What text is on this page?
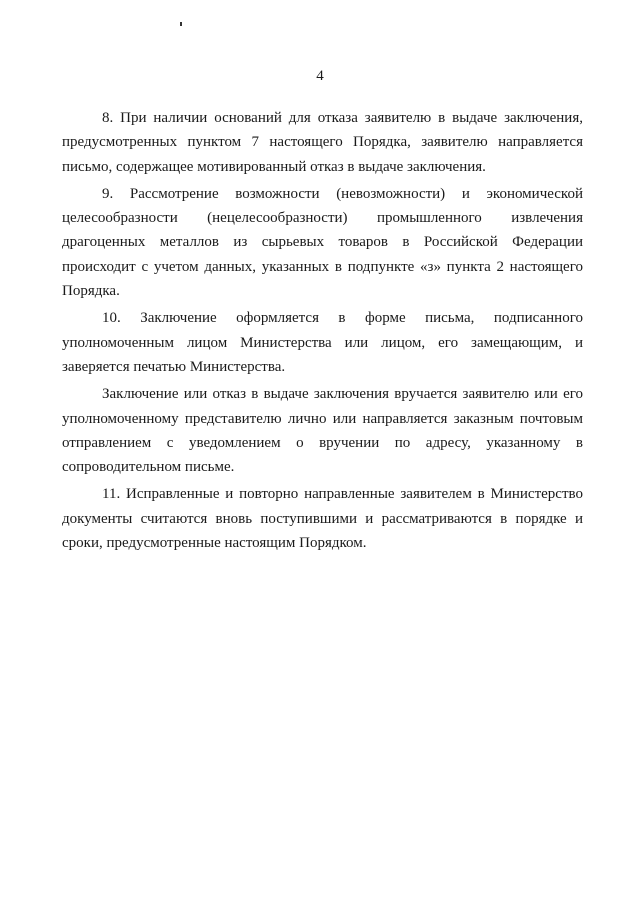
4

8. При наличии оснований для отказа заявителю в выдаче заключения, предусмотренных пунктом 7 настоящего Порядка, заявителю направляется письмо, содержащее мотивированный отказ в выдаче заключения.

9. Рассмотрение возможности (невозможности) и экономической целесообразности (нецелесообразности) промышленного извлечения драгоценных металлов из сырьевых товаров в Российской Федерации происходит с учетом данных, указанных в подпункте «з» пункта 2 настоящего Порядка.

10. Заключение оформляется в форме письма, подписанного уполномоченным лицом Министерства или лицом, его замещающим, и заверяется печатью Министерства.

Заключение или отказ в выдаче заключения вручается заявителю или его уполномоченному представителю лично или направляется заказным почтовым отправлением с уведомлением о вручении по адресу, указанному в сопроводительном письме.

11. Исправленные и повторно направленные заявителем в Министерство документы считаются вновь поступившими и рассматриваются в порядке и сроки, предусмотренные настоящим Порядком.
